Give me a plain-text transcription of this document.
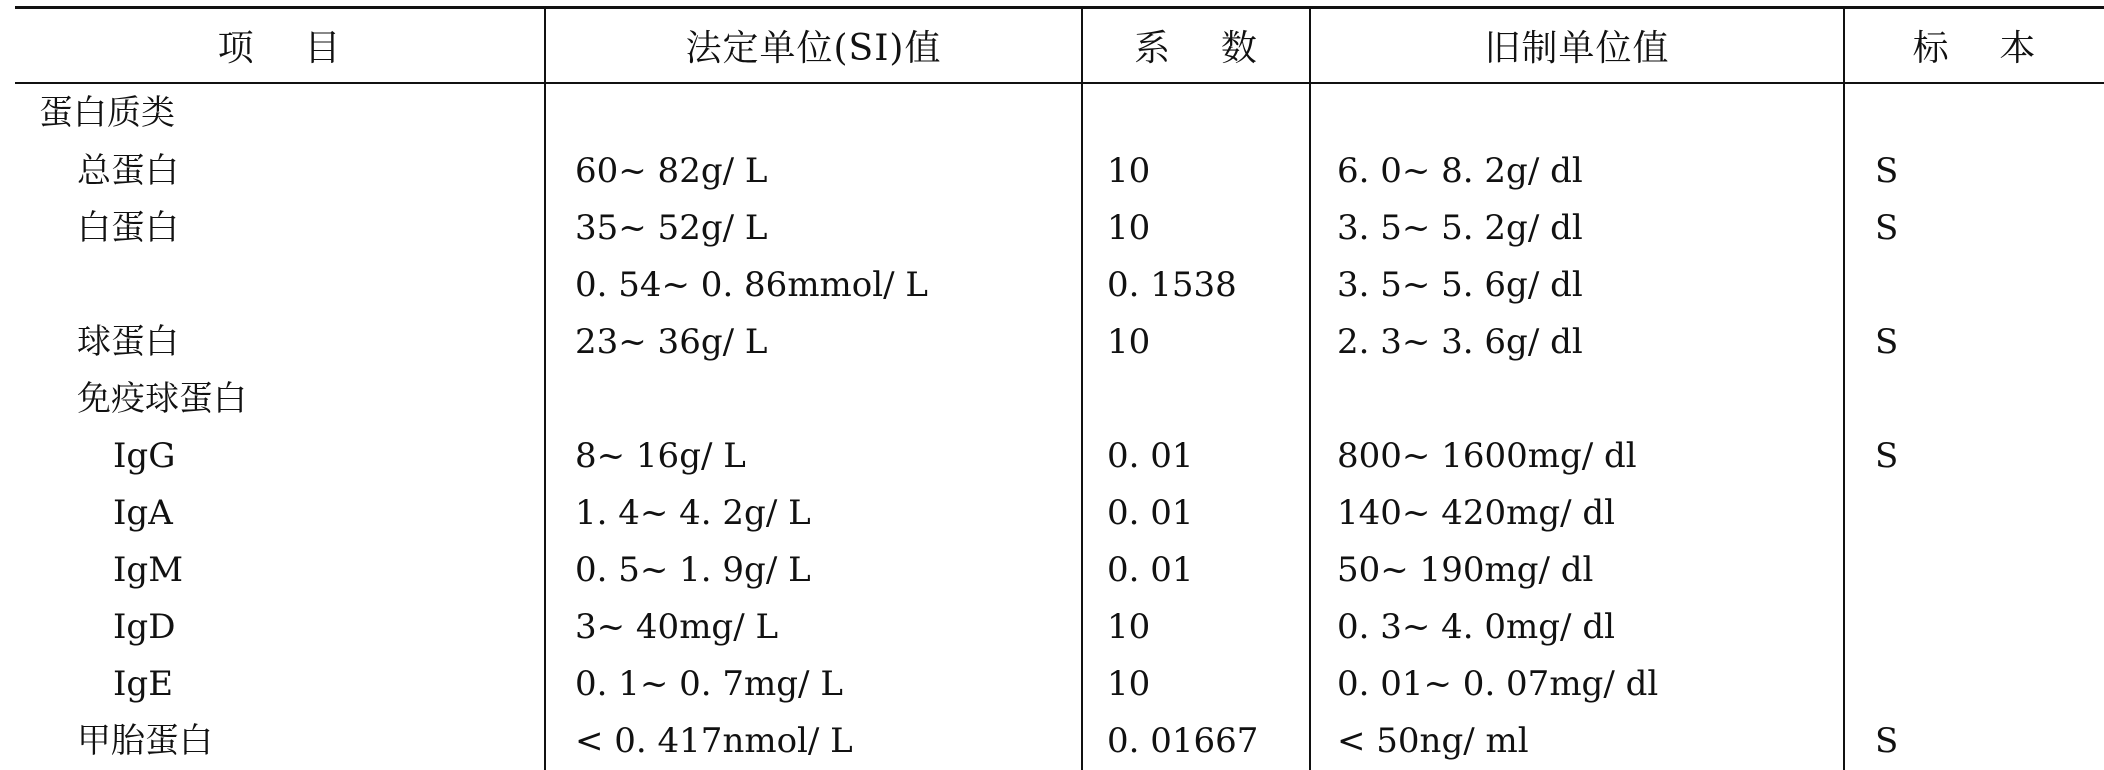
项    目	法定单位(SI)值	系    数	旧制单位值	标    本
蛋白质类				
总蛋白	60~ 82g/ L	10	6. 0~ 8. 2g/ dl	S
白蛋白	35~ 52g/ L	10	3. 5~ 5. 2g/ dl	S
	0. 54~ 0. 86mmol/ L	0. 1538	3. 5~ 5. 6g/ dl	
球蛋白	23~ 36g/ L	10	2. 3~ 3. 6g/ dl	S
免疫球蛋白				
IgG	8~ 16g/ L	0. 01	800~ 1600mg/ dl	S
IgA	1. 4~ 4. 2g/ L	0. 01	140~ 420mg/ dl	
IgM	0. 5~ 1. 9g/ L	0. 01	50~ 190mg/ dl	
IgD	3~ 40mg/ L	10	0. 3~ 4. 0mg/ dl	
IgE	0. 1~ 0. 7mg/ L	10	0. 01~ 0. 07mg/ dl	
甲胎蛋白	< 0. 417nmol/ L	0. 01667	< 50ng/ ml	S
